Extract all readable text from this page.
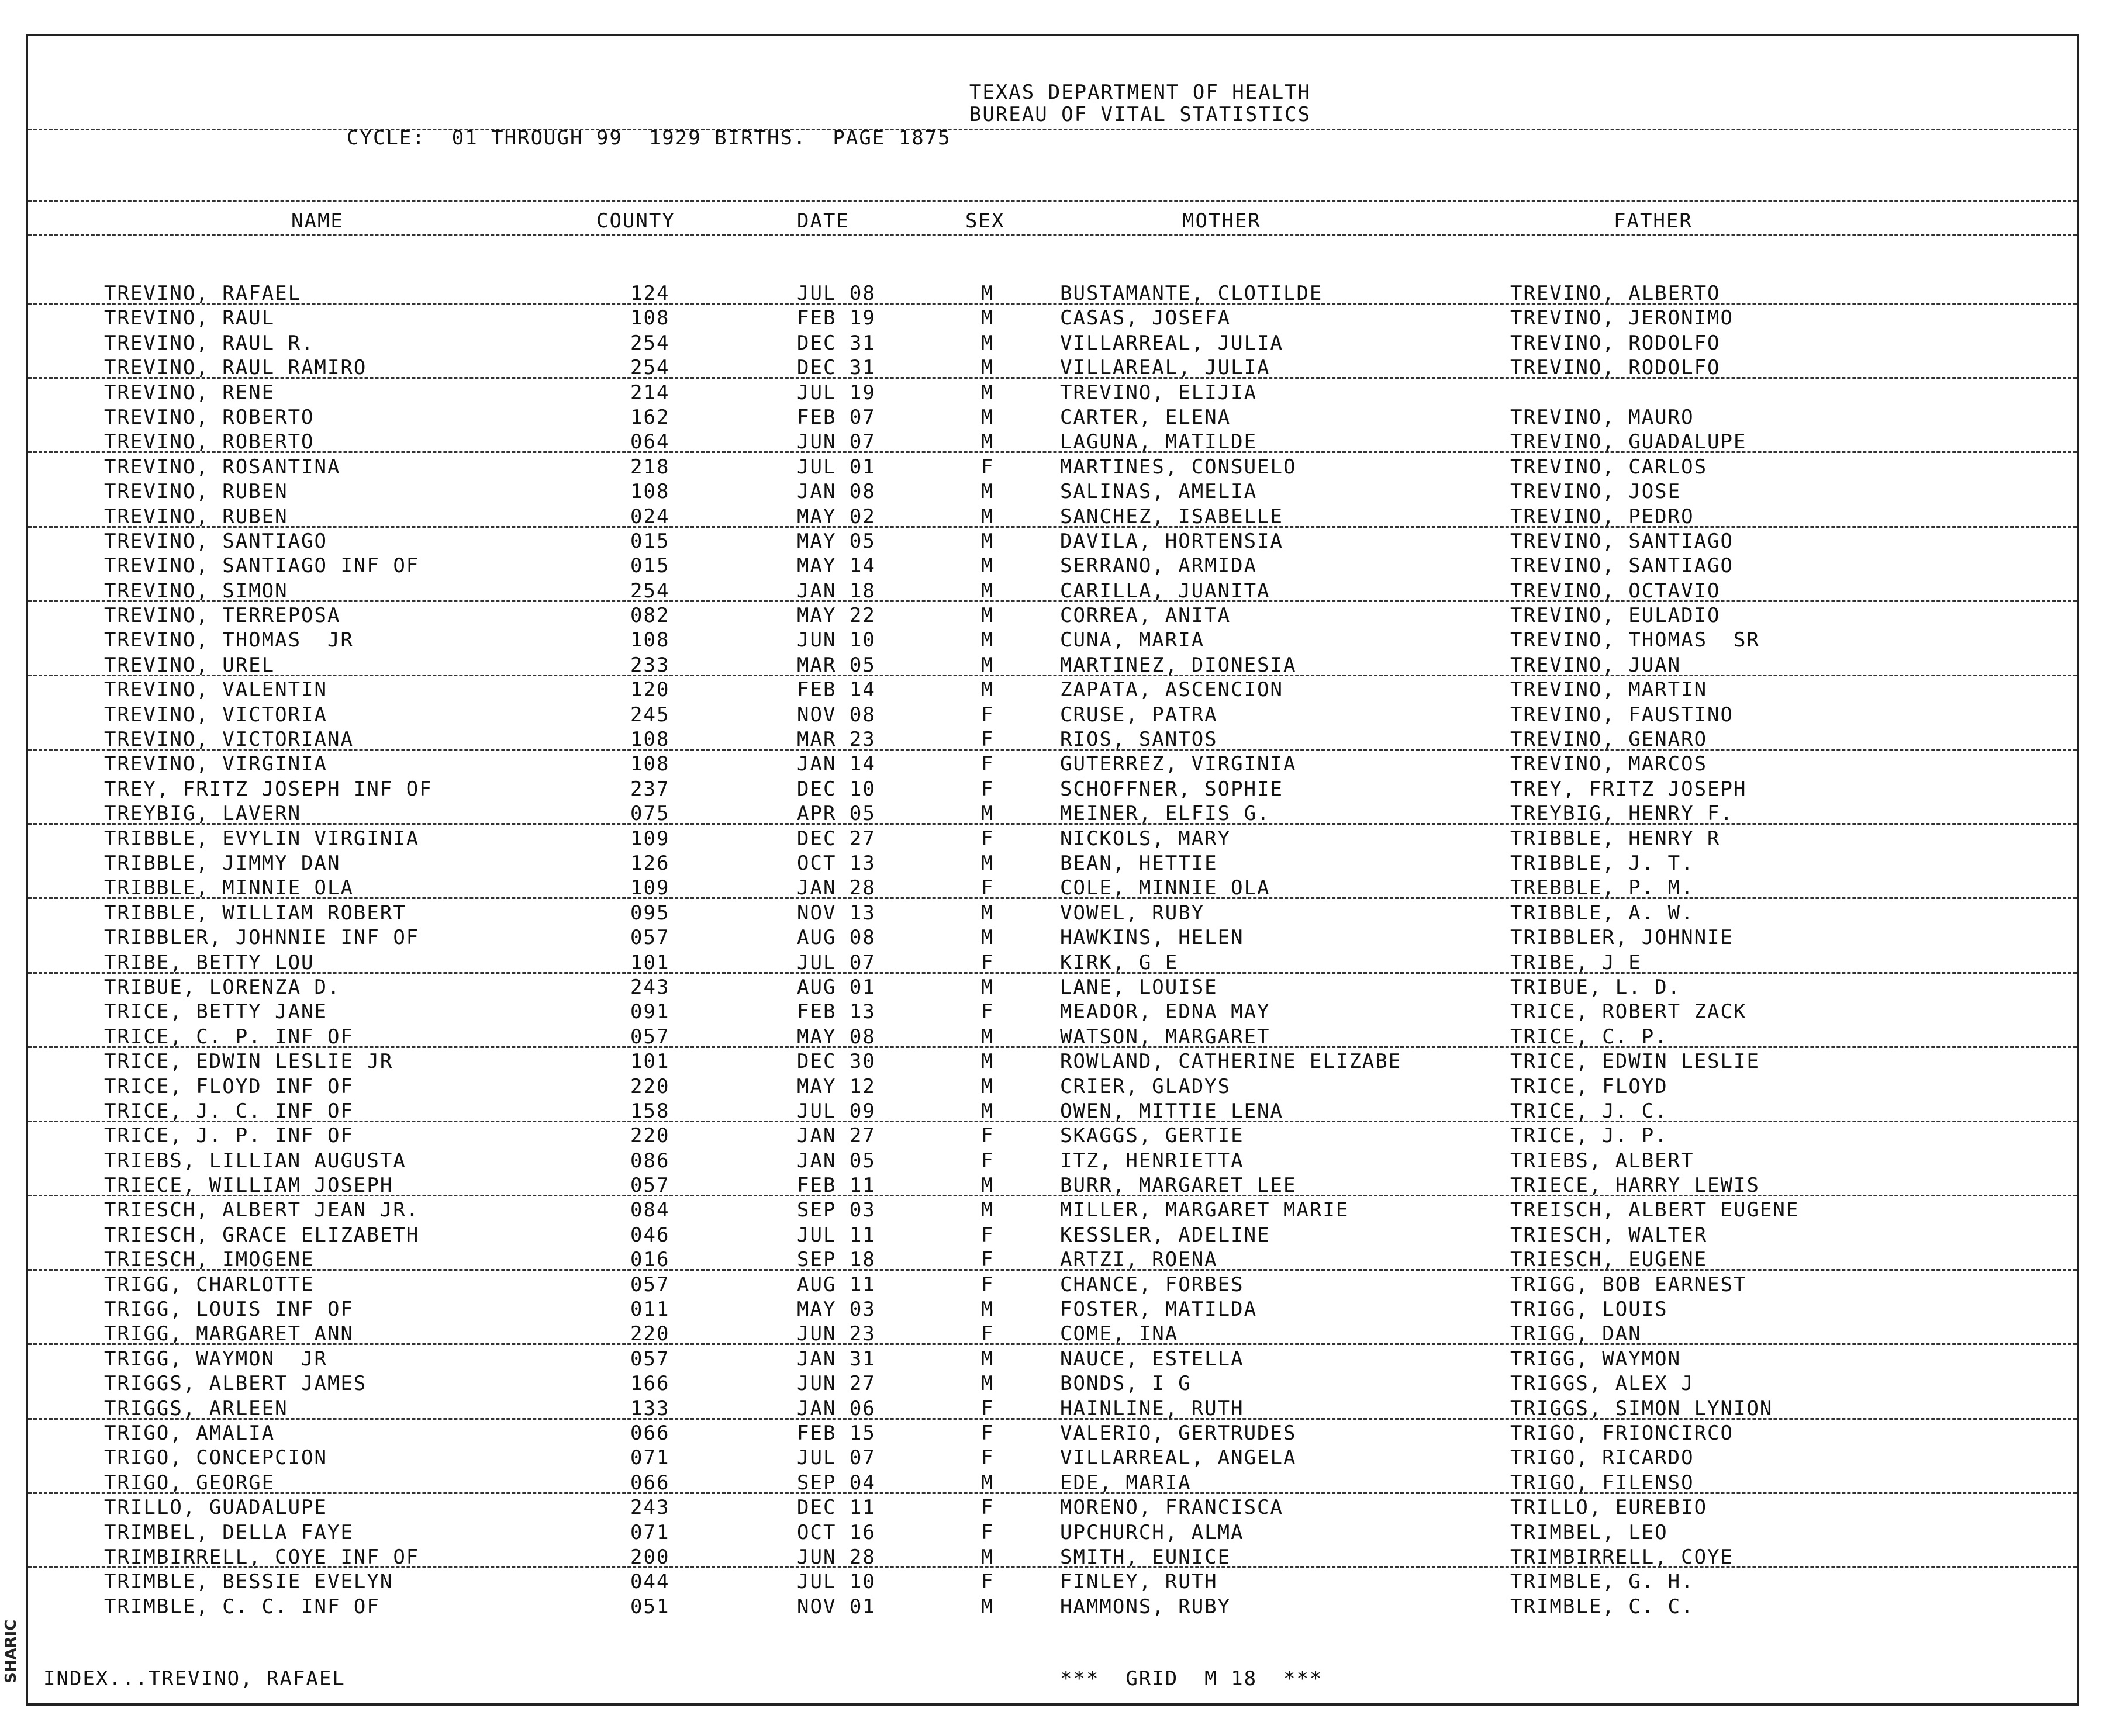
TEXAS DEPARTMENT OF HEALTH
BUREAU OF VITAL STATISTICS
CYCLE:  01 THROUGH 99  1929 BIRTHS.  PAGE 1875
NAME	COUNTY	DATE	SEX	MOTHER	FATHER
TREVINO, RAFAEL	124	JUL 08	M	BUSTAMANTE, CLOTILDE	TREVINO, ALBERTO
TREVINO, RAUL	108	FEB 19	M	CASAS, JOSEFA	TREVINO, JERONIMO
TREVINO, RAUL R.	254	DEC 31	M	VILLARREAL, JULIA	TREVINO, RODOLFO
TREVINO, RAUL RAMIRO	254	DEC 31	M	VILLAREAL, JULIA	TREVINO, RODOLFO
TREVINO, RENE	214	JUL 19	M	TREVINO, ELIJIA
TREVINO, ROBERTO	162	FEB 07	M	CARTER, ELENA	TREVINO, MAURO
TREVINO, ROBERTO	064	JUN 07	M	LAGUNA, MATILDE	TREVINO, GUADALUPE
TREVINO, ROSANTINA	218	JUL 01	F	MARTINES, CONSUELO	TREVINO, CARLOS
TREVINO, RUBEN	108	JAN 08	M	SALINAS, AMELIA	TREVINO, JOSE
TREVINO, RUBEN	024	MAY 02	M	SANCHEZ, ISABELLE	TREVINO, PEDRO
TREVINO, SANTIAGO	015	MAY 05	M	DAVILA, HORTENSIA	TREVINO, SANTIAGO
TREVINO, SANTIAGO INF OF	015	MAY 14	M	SERRANO, ARMIDA	TREVINO, SANTIAGO
TREVINO, SIMON	254	JAN 18	M	CARILLA, JUANITA	TREVINO, OCTAVIO
TREVINO, TERREPOSA	082	MAY 22	M	CORREA, ANITA	TREVINO, EULADIO
TREVINO, THOMAS  JR	108	JUN 10	M	CUNA, MARIA	TREVINO, THOMAS  SR
TREVINO, UREL	233	MAR 05	M	MARTINEZ, DIONESIA	TREVINO, JUAN
TREVINO, VALENTIN	120	FEB 14	M	ZAPATA, ASCENCION	TREVINO, MARTIN
TREVINO, VICTORIA	245	NOV 08	F	CRUSE, PATRA	TREVINO, FAUSTINO
TREVINO, VICTORIANA	108	MAR 23	F	RIOS, SANTOS	TREVINO, GENARO
TREVINO, VIRGINIA	108	JAN 14	F	GUTERREZ, VIRGINIA	TREVINO, MARCOS
TREY, FRITZ JOSEPH INF OF	237	DEC 10	F	SCHOFFNER, SOPHIE	TREY, FRITZ JOSEPH
TREYBIG, LAVERN	075	APR 05	M	MEINER, ELFIS G.	TREYBIG, HENRY F.
TRIBBLE, EVYLIN VIRGINIA	109	DEC 27	F	NICKOLS, MARY	TRIBBLE, HENRY R
TRIBBLE, JIMMY DAN	126	OCT 13	M	BEAN, HETTIE	TRIBBLE, J. T.
TRIBBLE, MINNIE OLA	109	JAN 28	F	COLE, MINNIE OLA	TREBBLE, P. M.
TRIBBLE, WILLIAM ROBERT	095	NOV 13	M	VOWEL, RUBY	TRIBBLE, A. W.
TRIBBLER, JOHNNIE INF OF	057	AUG 08	M	HAWKINS, HELEN	TRIBBLER, JOHNNIE
TRIBE, BETTY LOU	101	JUL 07	F	KIRK, G E	TRIBE, J E
TRIBUE, LORENZA D.	243	AUG 01	M	LANE, LOUISE	TRIBUE, L. D.
TRICE, BETTY JANE	091	FEB 13	F	MEADOR, EDNA MAY	TRICE, ROBERT ZACK
TRICE, C. P. INF OF	057	MAY 08	M	WATSON, MARGARET	TRICE, C. P.
TRICE, EDWIN LESLIE JR	101	DEC 30	M	ROWLAND, CATHERINE ELIZABE	TRICE, EDWIN LESLIE
TRICE, FLOYD INF OF	220	MAY 12	M	CRIER, GLADYS	TRICE, FLOYD
TRICE, J. C. INF OF	158	JUL 09	M	OWEN, MITTIE LENA	TRICE, J. C.
TRICE, J. P. INF OF	220	JAN 27	F	SKAGGS, GERTIE	TRICE, J. P.
TRIEBS, LILLIAN AUGUSTA	086	JAN 05	F	ITZ, HENRIETTA	TRIEBS, ALBERT
TRIECE, WILLIAM JOSEPH	057	FEB 11	M	BURR, MARGARET LEE	TRIECE, HARRY LEWIS
TRIESCH, ALBERT JEAN JR.	084	SEP 03	M	MILLER, MARGARET MARIE	TREISCH, ALBERT EUGENE
TRIESCH, GRACE ELIZABETH	046	JUL 11	F	KESSLER, ADELINE	TRIESCH, WALTER
TRIESCH, IMOGENE	016	SEP 18	F	ARTZI, ROENA	TRIESCH, EUGENE
TRIGG, CHARLOTTE	057	AUG 11	F	CHANCE, FORBES	TRIGG, BOB EARNEST
TRIGG, LOUIS INF OF	011	MAY 03	M	FOSTER, MATILDA	TRIGG, LOUIS
TRIGG, MARGARET ANN	220	JUN 23	F	COME, INA	TRIGG, DAN
TRIGG, WAYMON  JR	057	JAN 31	M	NAUCE, ESTELLA	TRIGG, WAYMON
TRIGGS, ALBERT JAMES	166	JUN 27	M	BONDS, I G	TRIGGS, ALEX J
TRIGGS, ARLEEN	133	JAN 06	F	HAINLINE, RUTH	TRIGGS, SIMON LYNION
TRIGO, AMALIA	066	FEB 15	F	VALERIO, GERTRUDES	TRIGO, FRIONCIRCO
TRIGO, CONCEPCION	071	JUL 07	F	VILLARREAL, ANGELA	TRIGO, RICARDO
TRIGO, GEORGE	066	SEP 04	M	EDE, MARIA	TRIGO, FILENSO
TRILLO, GUADALUPE	243	DEC 11	F	MORENO, FRANCISCA	TRILLO, EUREBIO
TRIMBEL, DELLA FAYE	071	OCT 16	F	UPCHURCH, ALMA	TRIMBEL, LEO
TRIMBIRRELL, COYE INF OF	200	JUN 28	M	SMITH, EUNICE	TRIMBIRRELL, COYE
TRIMBLE, BESSIE EVELYN	044	JUL 10	F	FINLEY, RUTH	TRIMBLE, G. H.
TRIMBLE, C. C. INF OF	051	NOV 01	M	HAMMONS, RUBY	TRIMBLE, C. C.
INDEX...TREVINO, RAFAEL	***  GRID  M 18  ***
SHARIC
